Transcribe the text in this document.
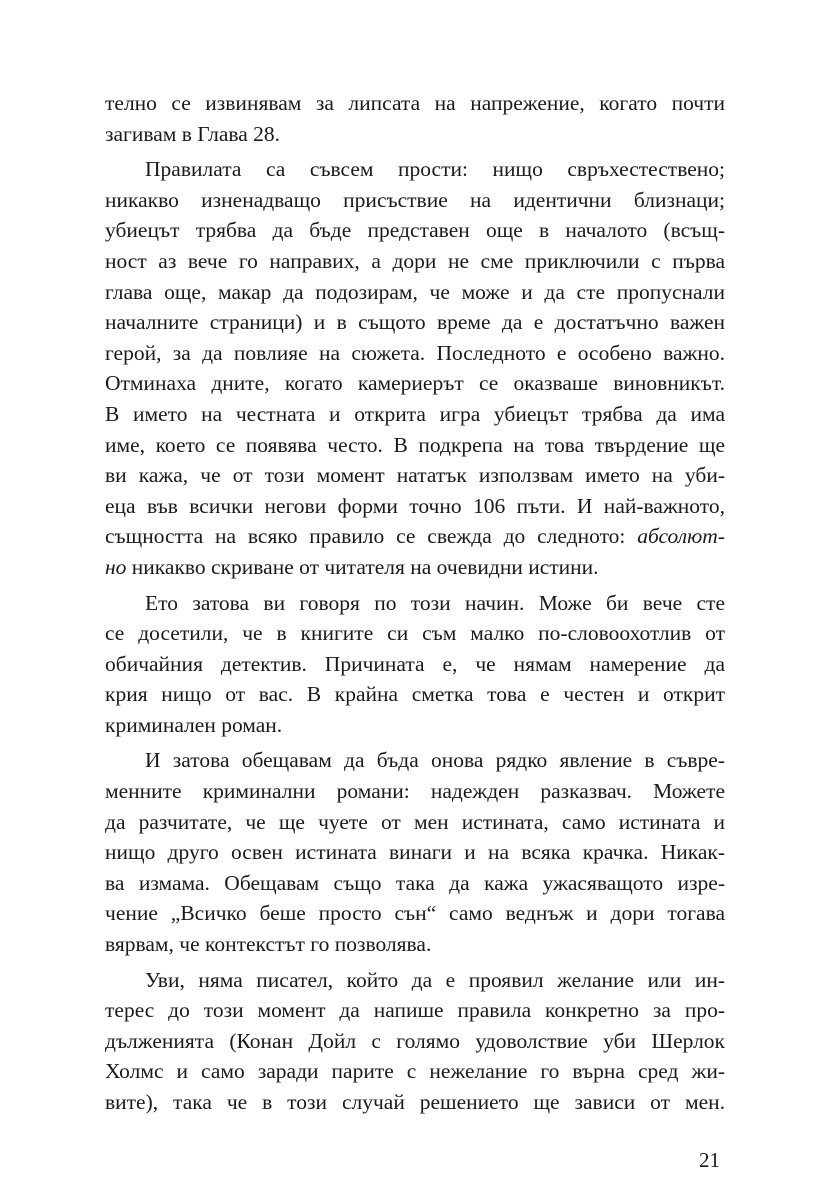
телно се извинявам за липсата на напрежение, когато почти
загивам в Глава 28.
Правилата са съвсем прости: нищо свръхестествено;
никакво изненадващо присъствие на идентични близнаци;
убиецът трябва да бъде представен още в началото (всъщ-
ност аз вече го направих, а дори не сме приключили с първа
глава още, макар да подозирам, че може и да сте пропуснали
началните страници) и в същото време да е достатъчно важен
герой, за да повлияе на сюжета. Последното е особено важно.
Отминаха дните, когато камериерът се оказваше виновникът.
В името на честната и открита игра убиецът трябва да има
име, което се появява често. В подкрепа на това твърдение ще
ви кажа, че от този момент нататък използвам името на уби-
eца във всички негови форми точно 106 пъти. И най-важното,
същността на всяко правило се свежда до следното: абсолют-
но никакво скриване от читателя на очевидни истини.
Ето затова ви говоря по този начин. Може би вече сте
се досетили, че в книгите си съм малко по-словоохотлив от
обичайния детектив. Причината е, че нямам намерение да
крия нищо от вас. В крайна сметка това е честен и открит
криминален роман.
И затова обещавам да бъда онова рядко явление в съвре-
менните криминални романи: надежден разказвач. Можете
да разчитате, че ще чуете от мен истината, само истината и
нищо друго освен истината винаги и на всяка крачка. Никак-
ва измама. Обещавам също така да кажа ужасяващото изре-
чение „Всичко беше просто сън“ само веднъж и дори тогава
вярвам, че контекстът го позволява.
Уви, няма писател, който да е проявил желание или ин-
терес до този момент да напише правила конкретно за про-
дълженията (Конан Дойл с голямо удоволствие уби Шерлок
Холмс и само заради парите с нежелание го върна сред жи-
вите), така че в този случай решението ще зависи от мен.
21
